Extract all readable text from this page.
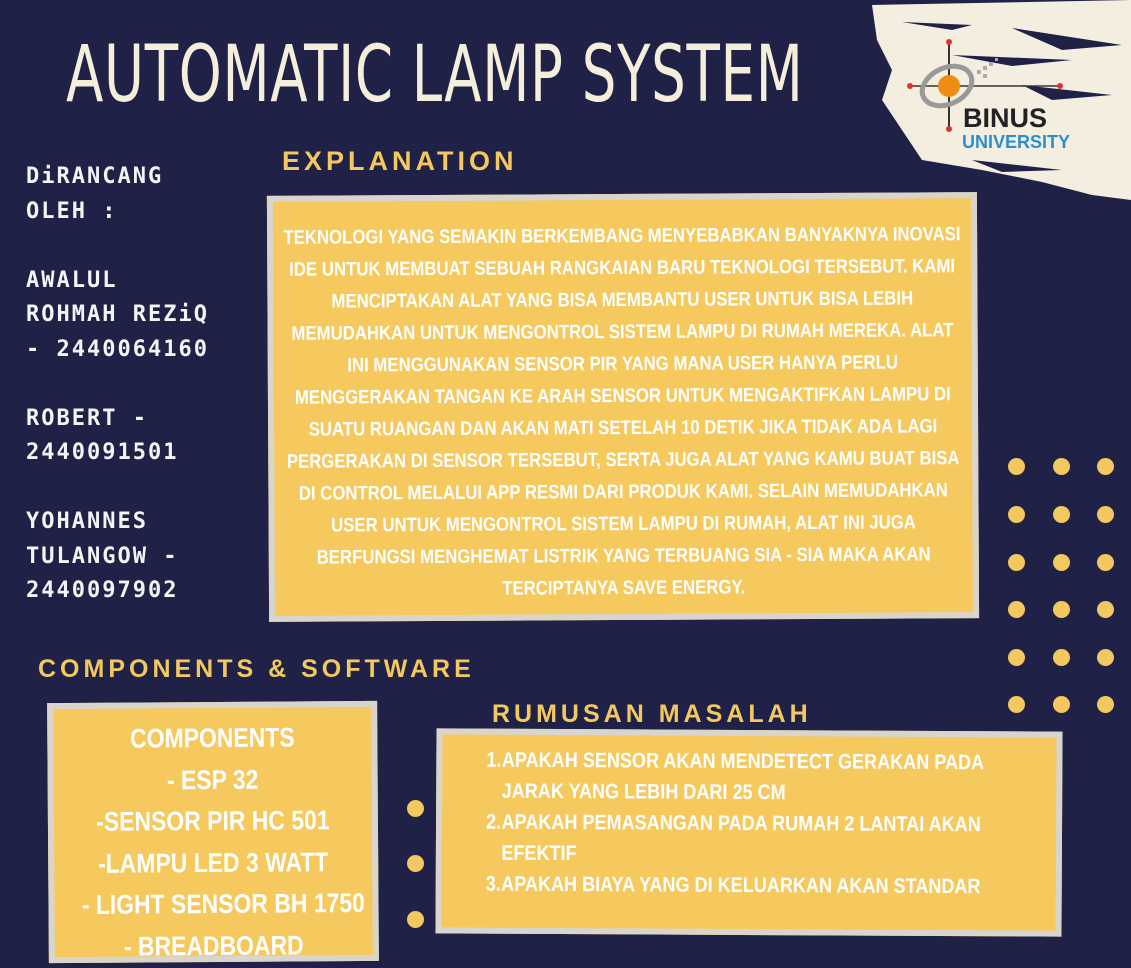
AUTOMATIC LAMP SYSTEM	BINUS
UNIVERSITY
DiRANCANG
OLEH :
AWALUL
ROHMAH REZiQ
- 2440064160
ROBERT -
2440091501
YOHANNES
TULANGOW -
2440097902
EXPLANATION

TEKNOLOGI YANG SEMAKIN BERKEMBANG MENYEBABKAN BANYAKNYA INOVASI IDE UNTUK MEMBUAT SEBUAH RANGKAIAN BARU TEKNOLOGI TERSEBUT. KAMI MENCIPTAKAN ALAT YANG BISA MEMBANTU USER UNTUK BISA LEBIH MEMUDAHKAN UNTUK MENGONTROL SISTEM LAMPU DI RUMAH MEREKA. ALAT INI MENGGUNAKAN SENSOR PIR YANG MANA USER HANYA PERLU MENGGERAKAN TANGAN KE ARAH SENSOR UNTUK MENGAKTIFKAN LAMPU DI SUATU RUANGAN DAN AKAN MATI SETELAH 10 DETIK JIKA TIDAK ADA LAGI PERGERAKAN DI SENSOR TERSEBUT, SERTA JUGA ALAT YANG KAMU BUAT BISA DI CONTROL MELALUI APP RESMI DARI PRODUK KAMI. SELAIN MEMUDAHKAN USER UNTUK MENGONTROL SISTEM LAMPU DI RUMAH, ALAT INI JUGA BERFUNGSI MENGHEMAT LISTRIK YANG TERBUANG SIA - SIA MAKA AKAN TERCIPTANYA SAVE ENERGY.

COMPONENTS & SOFTWARE
COMPONENTS
- ESP 32
-SENSOR PIR HC 501
-LAMPU LED 3 WATT
- LIGHT SENSOR BH 1750
- BREADBOARD
RUMUSAN MASALAH
1. APAKAH SENSOR AKAN MENDETECT GERAKAN PADA JARAK YANG LEBIH DARI 25 CM
2. APAKAH PEMASANGAN PADA RUMAH 2 LANTAI AKAN EFEKTIF
3. APAKAH BIAYA YANG DI KELUARKAN AKAN STANDAR
